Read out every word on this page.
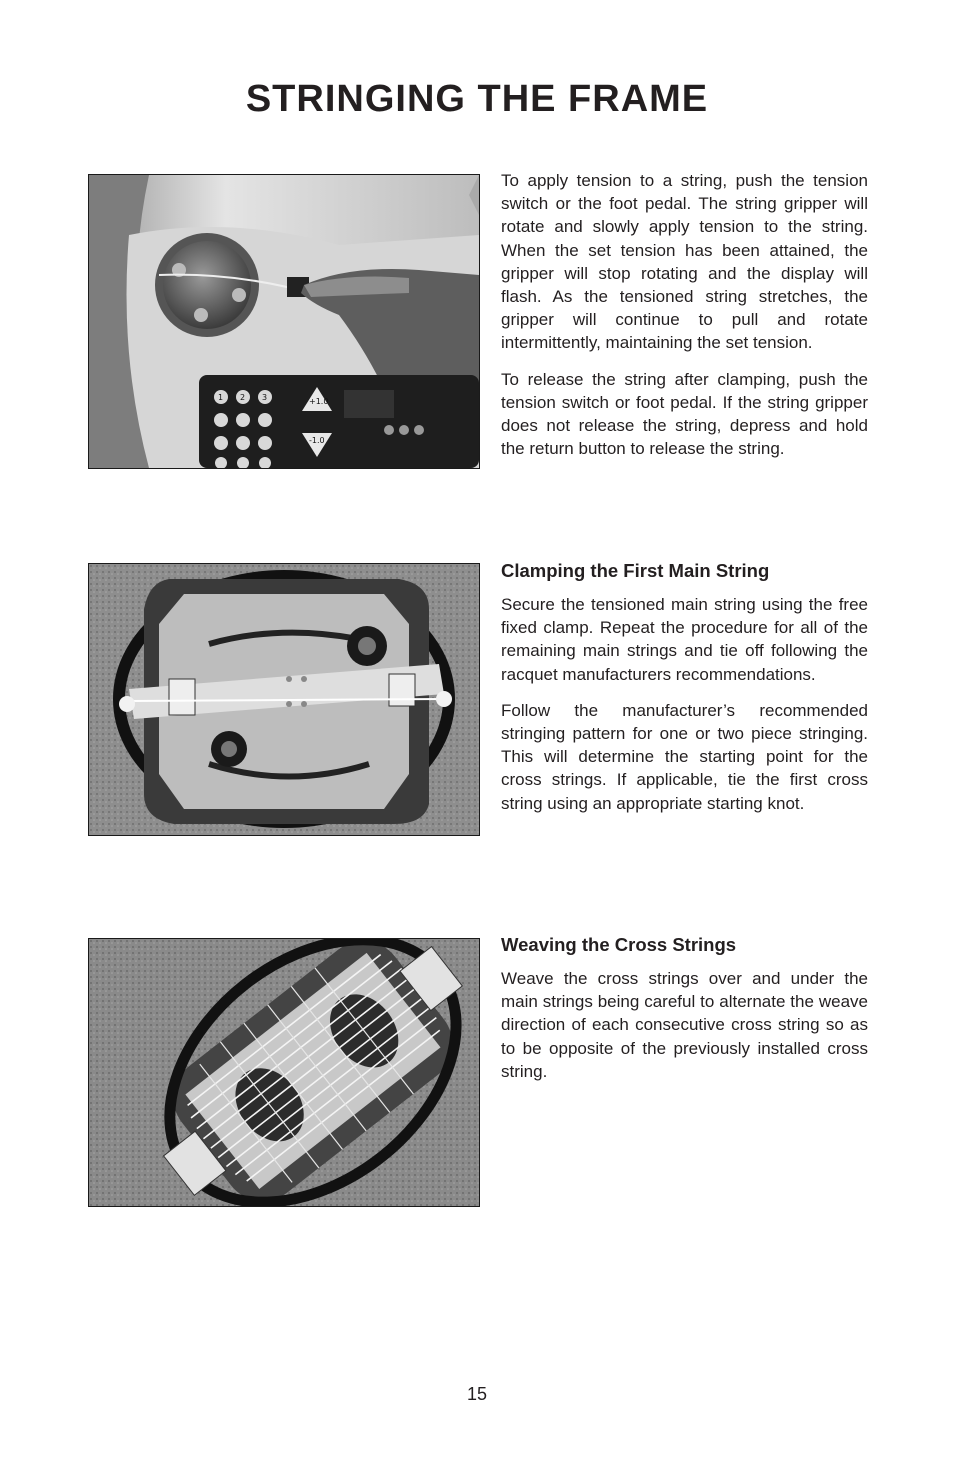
STRINGING THE FRAME
+1.0
-1.0
1 2 3

To apply tension to a string, push the tension switch or the foot pedal. The string gripper will rotate and slowly apply tension to the string. When the set tension has been attained, the gripper will stop rotating and the display will flash. As the tensioned string stretches, the gripper will continue to pull and rotate intermittently, maintaining the set tension.

To release the string after clamping, push the tension switch or foot pedal. If the string gripper does not release the string, depress and hold the return button to release the string.

Clamping the First Main String

Secure the tensioned main string using the free fixed clamp. Repeat the procedure for all of the remaining main strings and tie off following the racquet manufacturers recommendations.

Follow the manufacturer’s recommended stringing pattern for one or two piece stringing. This will determine the starting point for the cross strings. If applicable, tie the first cross string using an appropriate starting knot.

Weaving the Cross Strings

Weave the cross strings over and under the main strings being careful to alternate the weave direction of each consecutive cross string so as to be opposite of the previously installed cross string.

15
